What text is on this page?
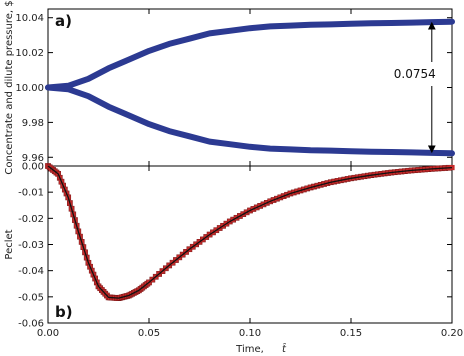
9.96
9.98
10.00
10.02
10.04
Concentrate and dilute pressure, $	a)
0.0754
-0.06
-0.05
-0.04
-0.03
-0.02
-0.01
0.00
0.00	0.05	0.10	0.15	0.20
Peclet
Time, t̂
b)
